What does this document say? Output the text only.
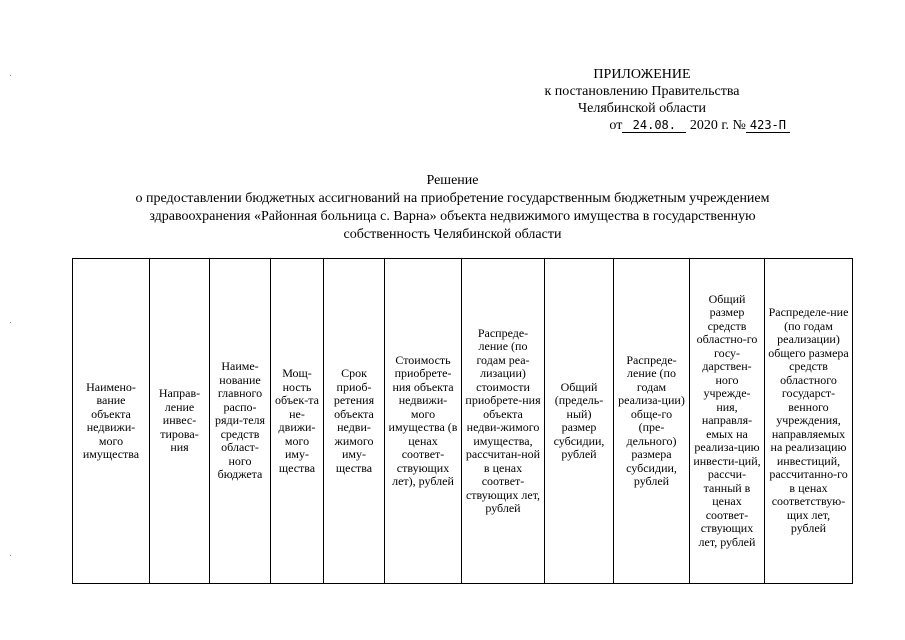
ПРИЛОЖЕНИЕ
к постановлению Правительства
Челябинской области
от 24.08. 2020 г. № 423-П
Решение
о предоставлении бюджетных ассигнований на приобретение государственным бюджетным учреждением
здравоохранения «Районная больница с. Варна» объекта недвижимого имущества в государственную
собственность Челябинской области
Наимено-вание объекта недвижи-мого имущества	Направ-ление инвес-тирова-ния	Наиме-нование главного распо-ряди-теля средств област-ного бюджета	Мощ-ность объек-та не-движи-мого иму-щества	Срок приоб-ретения объекта недви-жимого иму-щества	Стоимость приобрете-ния объекта недвижи-мого имущества (в ценах соответ-ствующих лет), рублей	Распреде-ление (по годам реа-лизации) стоимости приобрете-ния объекта недви-жимого имущества, рассчитан-ной в ценах соответ-ствующих лет, рублей	Общий (предель-ный) размер субсидии, рублей	Распреде-ление (по годам реализа-ции) обще-го (пре-дельного) размера субсидии, рублей	Общий размер средств областно-го госу-дарствен-ного учрежде-ния, направля-емых на реализа-цию инвести-ций, рассчи-танный в ценах соответ-ствующих лет, рублей	Распределе-ние (по годам реализации) общего размера средств областного государст-венного учреждения, направляемых на реализацию инвестиций, рассчитанно-го в ценах соответствую-щих лет, рублей
